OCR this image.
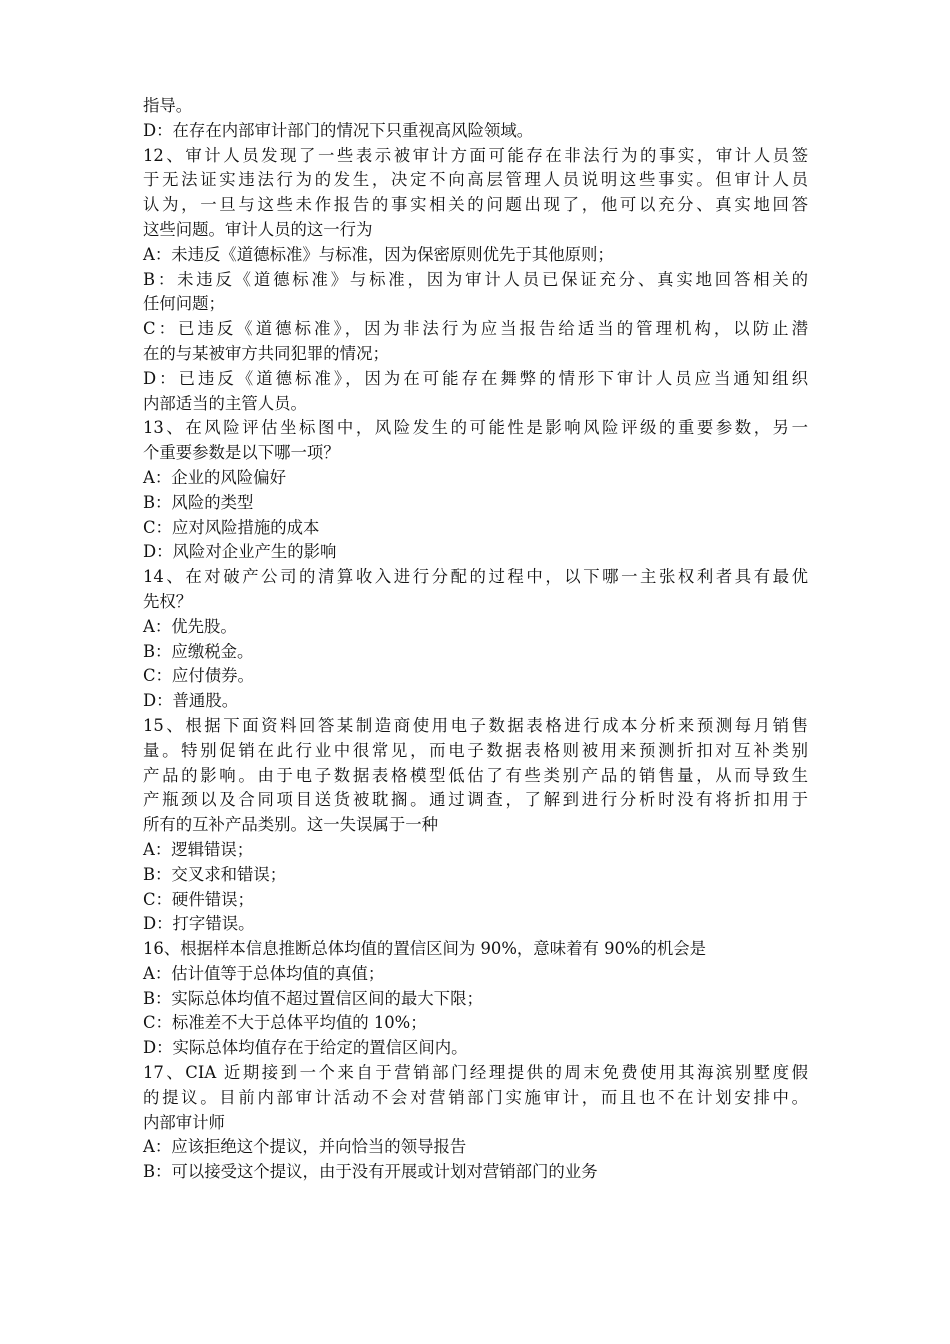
指导。

D：在存在内部审计部门的情况下只重视高风险领域。

12、审计人员发现了一些表示被审计方面可能存在非法行为的事实，审计人员签

于无法证实违法行为的发生，决定不向高层管理人员说明这些事实。但审计人员

认为，一旦与这些未作报告的事实相关的问题出现了，他可以充分、真实地回答

这些问题。审计人员的这一行为

A：未违反《道德标准》与标准，因为保密原则优先于其他原则；

B：未违反《道德标准》与标准，因为审计人员已保证充分、真实地回答相关的

任何问题；

C：已违反《道德标准》，因为非法行为应当报告给适当的管理机构，以防止潜

在的与某被审方共同犯罪的情况；

D：已违反《道德标准》，因为在可能存在舞弊的情形下审计人员应当通知组织

内部适当的主管人员。

13、在风险评估坐标图中，风险发生的可能性是影响风险评级的重要参数，另一

个重要参数是以下哪一项？

A：企业的风险偏好

B：风险的类型

C：应对风险措施的成本

D：风险对企业产生的影响

14、在对破产公司的清算收入进行分配的过程中，以下哪一主张权利者具有最优

先权？

A：优先股。

B：应缴税金。

C：应付债券。

D：普通股。

15、根据下面资料回答某制造商使用电子数据表格进行成本分析来预测每月销售

量。特别促销在此行业中很常见，而电子数据表格则被用来预测折扣对互补类别

产品的影响。由于电子数据表格模型低估了有些类别产品的销售量，从而导致生

产瓶颈以及合同项目送货被耽搁。通过调查，了解到进行分析时没有将折扣用于

所有的互补产品类别。这一失误属于一种

A：逻辑错误；

B：交叉求和错误；

C：硬件错误；

D：打字错误。

16、根据样本信息推断总体均值的置信区间为 90%，意味着有 90%的机会是

A：估计值等于总体均值的真值；

B：实际总体均值不超过置信区间的最大下限；

C：标准差不大于总体平均值的 10%；

D：实际总体均值存在于给定的置信区间内。

17、CIA 近期接到一个来自于营销部门经理提供的周末免费使用其海滨别墅度假

的提议。目前内部审计活动不会对营销部门实施审计，而且也不在计划安排中。

内部审计师

A：应该拒绝这个提议，并向恰当的领导报告

B：可以接受这个提议，由于没有开展或计划对营销部门的业务
